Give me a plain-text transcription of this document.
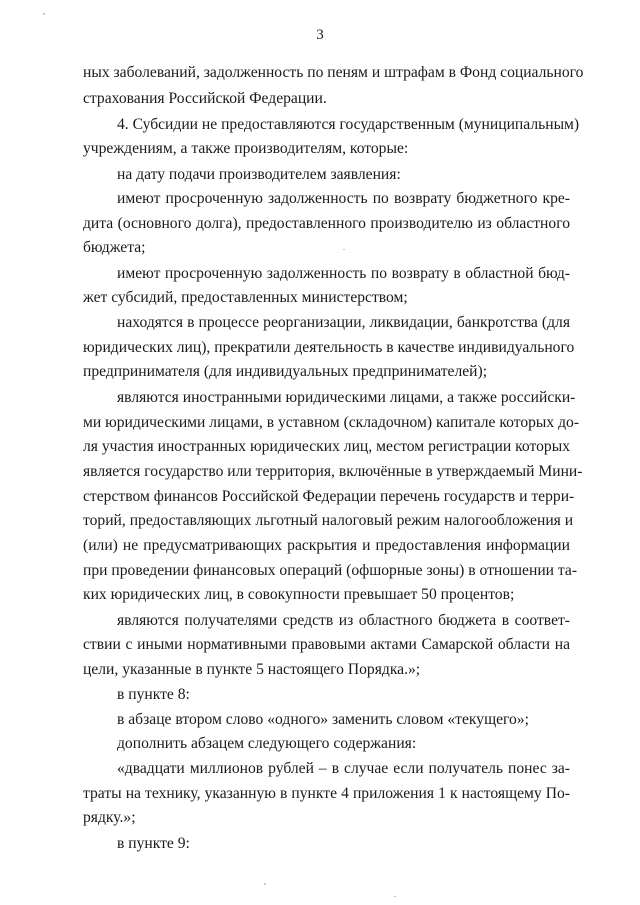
3
ных заболеваний, задолженность по пеням и штрафам в Фонд социального
страхования Российской Федерации.
4. Субсидии не предоставляются государственным (муниципальным)
учреждениям, а также производителям, которые:
на дату подачи производителем заявления:
имеют просроченную задолженность по возврату бюджетного кре-
дита (основного долга), предоставленного производителю из областного
бюджета;
имеют просроченную задолженность по возврату в областной бюд-
жет субсидий, предоставленных министерством;
находятся в процессе реорганизации, ликвидации, банкротства (для
юридических лиц), прекратили деятельность в качестве индивидуального
предпринимателя (для индивидуальных предпринимателей);
являются иностранными юридическими лицами, а также российски-
ми юридическими лицами, в уставном (складочном) капитале которых до-
ля участия иностранных юридических лиц, местом регистрации которых
является государство или территория, включённые в утверждаемый Мини-
стерством финансов Российской Федерации перечень государств и терри-
торий, предоставляющих льготный налоговый режим налогообложения и
(или) не предусматривающих раскрытия и предоставления информации
при проведении финансовых операций (офшорные зоны) в отношении та-
ких юридических лиц, в совокупности превышает 50 процентов;
являются получателями средств из областного бюджета в соответ-
ствии с иными нормативными правовыми актами Самарской области на
цели, указанные в пункте 5 настоящего Порядка.»;
в пункте 8:
в абзаце втором слово «одного» заменить словом «текущего»;
дополнить абзацем следующего содержания:
«двадцати миллионов рублей – в случае если получатель понес за-
траты на технику, указанную в пункте 4 приложения 1 к настоящему По-
рядку.»;
в пункте 9:
